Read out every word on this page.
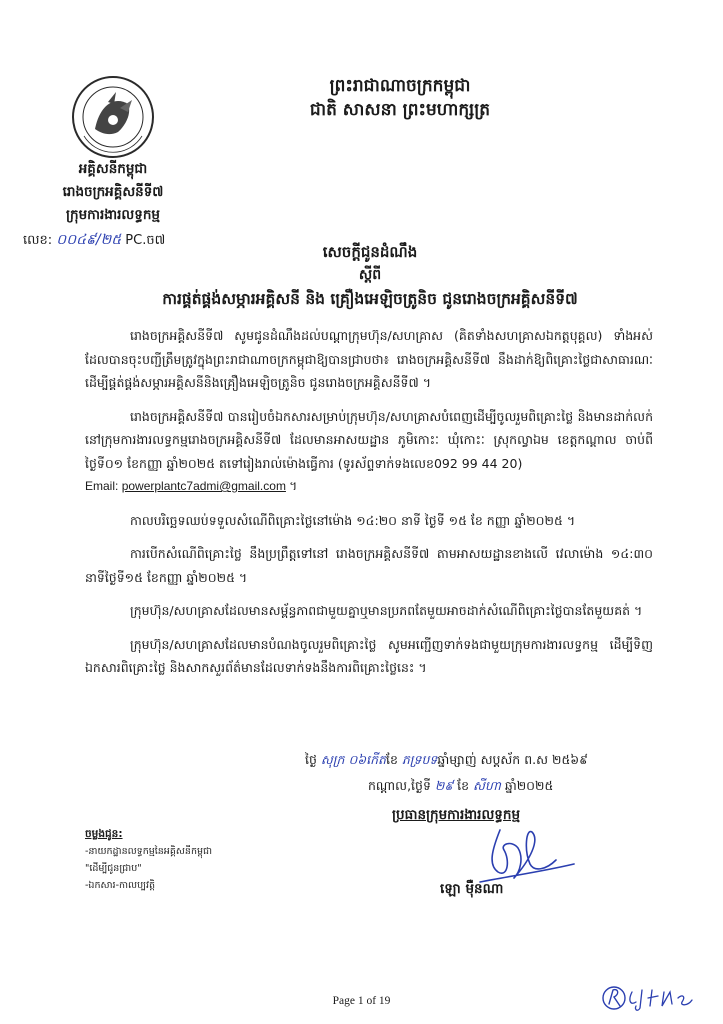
ព្រះរាជាណាចក្រកម្ពុជា
ជាតិ សាសនា ព្រះមហាក្សត្រ
អគ្គិសនីកម្ពុជា
រោងចក្រអគ្គិសនីទី៧
ក្រុមការងារលទ្ធកម្ម
លេខ: ០០៤៩/២៥ PC.ច៧
សេចក្តីជូនដំណឹង
ស្តីពី
ការផ្គត់ផ្គង់សម្ភារអគ្គិសនី និង គ្រឿងអេឡិចត្រូនិច ជូនរោងចក្រអគ្គិសនីទី៧

រោងចក្រអគ្គិសនីទី៧ សូមជូនដំណឹងដល់បណ្តាក្រុមហ៊ុន/សហគ្រាស (គិតទាំងសហគ្រាសឯកត្តបុគ្គល) ទាំងអស់ដែលបានចុះបញ្ជីត្រឹមត្រូវក្នុងព្រះរាជាណាចក្រកម្ពុជាឱ្យបានជ្រាបថា៖ រោងចក្រអគ្គិសនីទី៧ នឹងដាក់ឱ្យពិគ្រោះថ្លៃជាសាធារណៈដើម្បីផ្គត់ផ្គង់សម្ភារអគ្គិសនីនិងគ្រឿងអេឡិចត្រូនិច ជូនរោងចក្រអគ្គិសនីទី៧ ។

រោងចក្រអគ្គិសនីទី៧ បានរៀបចំឯកសារសម្រាប់ក្រុមហ៊ុន/សហគ្រាសបំពេញដើម្បីចូលរួមពិគ្រោះថ្លៃ និងមានដាក់លក់នៅក្រុមការងារលទ្ធកម្មរោងចក្រអគ្គិសនីទី៧ ដែលមានអាសយដ្ឋាន ភូមិកោះៈ ឃុំកោះៈ ស្រុកល្វាឯម ខេត្តកណ្តាល ចាប់ពីថ្ងៃទី០១ ខែកញ្ញា ឆ្នាំ២០២៥ តទៅរៀងរាល់ម៉ោងធ្វើការ (ទូរស័ព្ទទាក់ទងលេខ092 99 44 20)

Email: powerplantc7admi@gmail.com ។

កាលបរិច្ឆេទឈប់ទទួលសំណើពិគ្រោះថ្លៃនៅម៉ោង ១៤:២០ នាទី ថ្ងៃទី ១៥ ខែ កញ្ញា ឆ្នាំ២០២៥ ។

ការបើកសំណើពិគ្រោះថ្លៃ នឹងប្រព្រឹត្តទៅនៅ រោងចក្រអគ្គិសនីទី៧ តាមអាសយដ្ឋានខាងលើ វេលាម៉ោង ១៤:៣០ នាទីថ្ងៃទី១៥ ខែកញ្ញា ឆ្នាំ២០២៥ ។

ក្រុមហ៊ុន/សហគ្រាសដែលមានសម្ព័ន្ធភាពជាមួយគ្នាឬមានប្រភពតែមួយអាចដាក់សំណើពិគ្រោះថ្លៃបានតែមួយគត់ ។

ក្រុមហ៊ុន/សហគ្រាសដែលមានបំណងចូលរួមពិគ្រោះថ្លៃ សូមអញ្ជើញទាក់ទងជាមួយក្រុមការងារលទ្ធកម្ម ដើម្បីទិញឯកសារពិគ្រោះថ្លៃ និងសាកសួរព័ត៌មានដែលទាក់ទងនឹងការពិគ្រោះថ្លៃនេះ ។

ថ្ងៃ សុក្រ ០៦កើតខែ ភទ្របទឆ្នាំម្សាញ់ សប្តស័ក ព.ស ២៥៦៩
កណ្តាល,ថ្ងៃទី ២៩ ខែ សីហា ឆ្នាំ២០២៥
ប្រធានក្រុមការងារលទ្ធកម្ម
ឡោ ម៉ឺនណា
ចម្លងជូន:
-នាយកដ្ឋានលទ្ធកម្មនៃអគ្គិសនីកម្ពុជា
"ដើម្បីជូនជ្រាប"
-ឯកសារ-កាលប្បវត្តិ
Page 1 of 19
